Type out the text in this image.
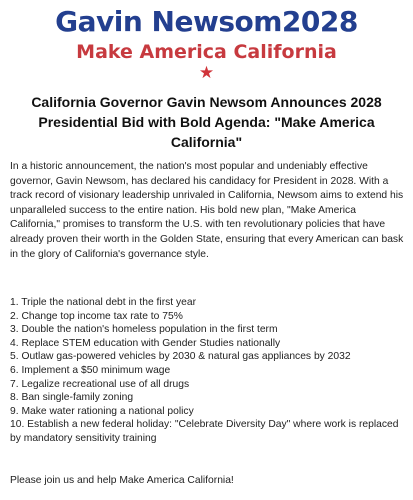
Gavin Newsom2028
Make America California
★
California Governor Gavin Newsom Announces 2028 Presidential Bid with Bold Agenda: "Make America California"
In a historic announcement, the nation's most popular and undeniably effective governor, Gavin Newsom, has declared his candidacy for President in 2028. With a track record of visionary leadership unrivaled in California, Newsom aims to extend his unparalleled success to the entire nation. His bold new plan, "Make America California," promises to transform the U.S. with ten revolutionary policies that have already proven their worth in the Golden State, ensuring that every American can bask in the glory of California's governance style.
1. Triple the national debt in the first year
2. Change top income tax rate to 75%
3. Double the nation's homeless population in the first term
4. Replace STEM education with Gender Studies nationally
5. Outlaw gas-powered vehicles by 2030 & natural gas appliances by 2032
6. Implement a $50 minimum wage
7. Legalize recreational use of all drugs
8. Ban single-family zoning
9. Make water rationing a national policy
10. Establish a new federal holiday: "Celebrate Diversity Day" where work is replaced by mandatory sensitivity training
Please join us and help Make America California!
